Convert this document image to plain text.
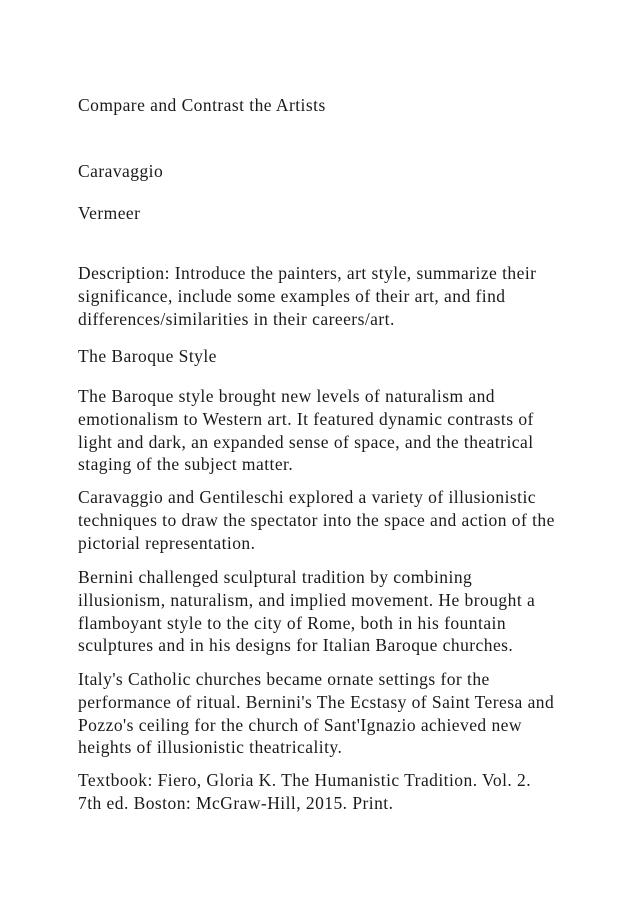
Compare and Contrast the Artists

Caravaggio

Vermeer

Description: Introduce the painters, art style, summarize their
significance, include some examples of their art, and find
differences/similarities in their careers/art.

The Baroque Style

The Baroque style brought new levels of naturalism and
emotionalism to Western art. It featured dynamic contrasts of
light and dark, an expanded sense of space, and the theatrical
staging of the subject matter.

Caravaggio and Gentileschi explored a variety of illusionistic
techniques to draw the spectator into the space and action of the
pictorial representation.

Bernini challenged sculptural tradition by combining
illusionism, naturalism, and implied movement. He brought a
flamboyant style to the city of Rome, both in his fountain
sculptures and in his designs for Italian Baroque churches.

Italy's Catholic churches became ornate settings for the
performance of ritual. Bernini's The Ecstasy of Saint Teresa and
Pozzo's ceiling for the church of Sant'Ignazio achieved new
heights of illusionistic theatricality.

Textbook: Fiero, Gloria K. The Humanistic Tradition. Vol. 2.
7th ed. Boston: McGraw-Hill, 2015. Print.
